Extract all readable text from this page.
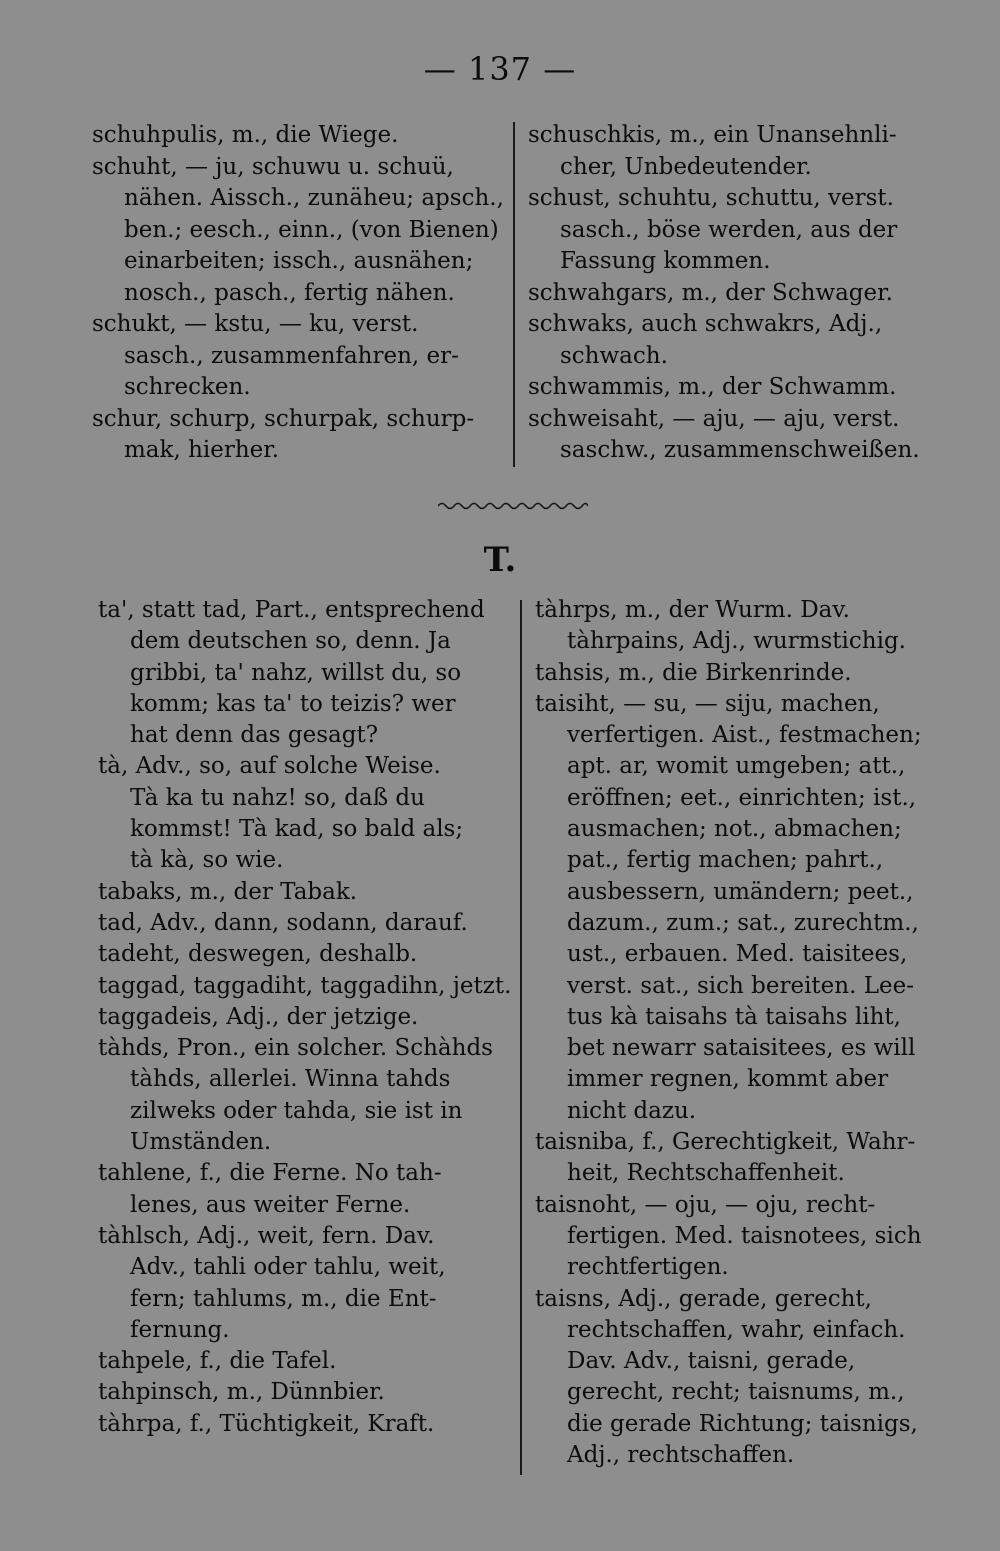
— 137 —
schuhpulis, m., die Wiege.
schuht, — ju, schuwu u. schuü,
nähen. Aissch., zunäheu; apsch.,
ben.; eesch., einn., (von Bienen)
einarbeiten; issch., ausnähen;
nosch., pasch., fertig nähen.
schukt, — kstu, — ku, verst.
sasch., zusammenfahren, er-
schrecken.
schur, schurp, schurpak, schurp-
mak, hierher.
schuschkis, m., ein Unansehnli-
cher, Unbedeutender.
schust, schuhtu, schuttu, verst.
sasch., böse werden, aus der
Fassung kommen.
schwahgars, m., der Schwager.
schwaks, auch schwakrs, Adj.,
schwach.
schwammis, m., der Schwamm.
schweisaht, — aju, — aju, verst.
saschw., zusammenschweißen.
T.
ta', statt tad, Part., entsprechend
dem deutschen so, denn. Ja
gribbi, ta' nahz, willst du, so
komm; kas ta' to teizis? wer
hat denn das gesagt?
tà, Adv., so, auf solche Weise.
Tà ka tu nahz! so, daß du
kommst! Tà kad, so bald als;
tà kà, so wie.
tabaks, m., der Tabak.
tad, Adv., dann, sodann, darauf.
tadeht, deswegen, deshalb.
taggad, taggadiht, taggadihn, jetzt.
taggadeis, Adj., der jetzige.
tàhds, Pron., ein solcher. Schàhds
tàhds, allerlei. Winna tahds
zilweks oder tahda, sie ist in
Umständen.
tahlene, f., die Ferne. No tah-
lenes, aus weiter Ferne.
tàhlsch, Adj., weit, fern. Dav.
Adv., tahli oder tahlu, weit,
fern; tahlums, m., die Ent-
fernung.
tahpele, f., die Tafel.
tahpinsch, m., Dünnbier.
tàhrpa, f., Tüchtigkeit, Kraft.
tàhrps, m., der Wurm. Dav.
tàhrpains, Adj., wurmstichig.
tahsis, m., die Birkenrinde.
taisiht, — su, — siju, machen,
verfertigen. Aist., festmachen;
apt. ar, womit umgeben; att.,
eröffnen; eet., einrichten; ist.,
ausmachen; not., abmachen;
pat., fertig machen; pahrt.,
ausbessern, umändern; peet.,
dazum., zum.; sat., zurechtm.,
ust., erbauen. Med. taisitees,
verst. sat., sich bereiten. Lee-
tus kà taisahs tà taisahs liht,
bet newarr sataisitees, es will
immer regnen, kommt aber
nicht dazu.
taisniba, f., Gerechtigkeit, Wahr-
heit, Rechtschaffenheit.
taisnoht, — oju, — oju, recht-
fertigen. Med. taisnotees, sich
rechtfertigen.
taisns, Adj., gerade, gerecht,
rechtschaffen, wahr, einfach.
Dav. Adv., taisni, gerade,
gerecht, recht; taisnums, m.,
die gerade Richtung; taisnigs,
Adj., rechtschaffen.
